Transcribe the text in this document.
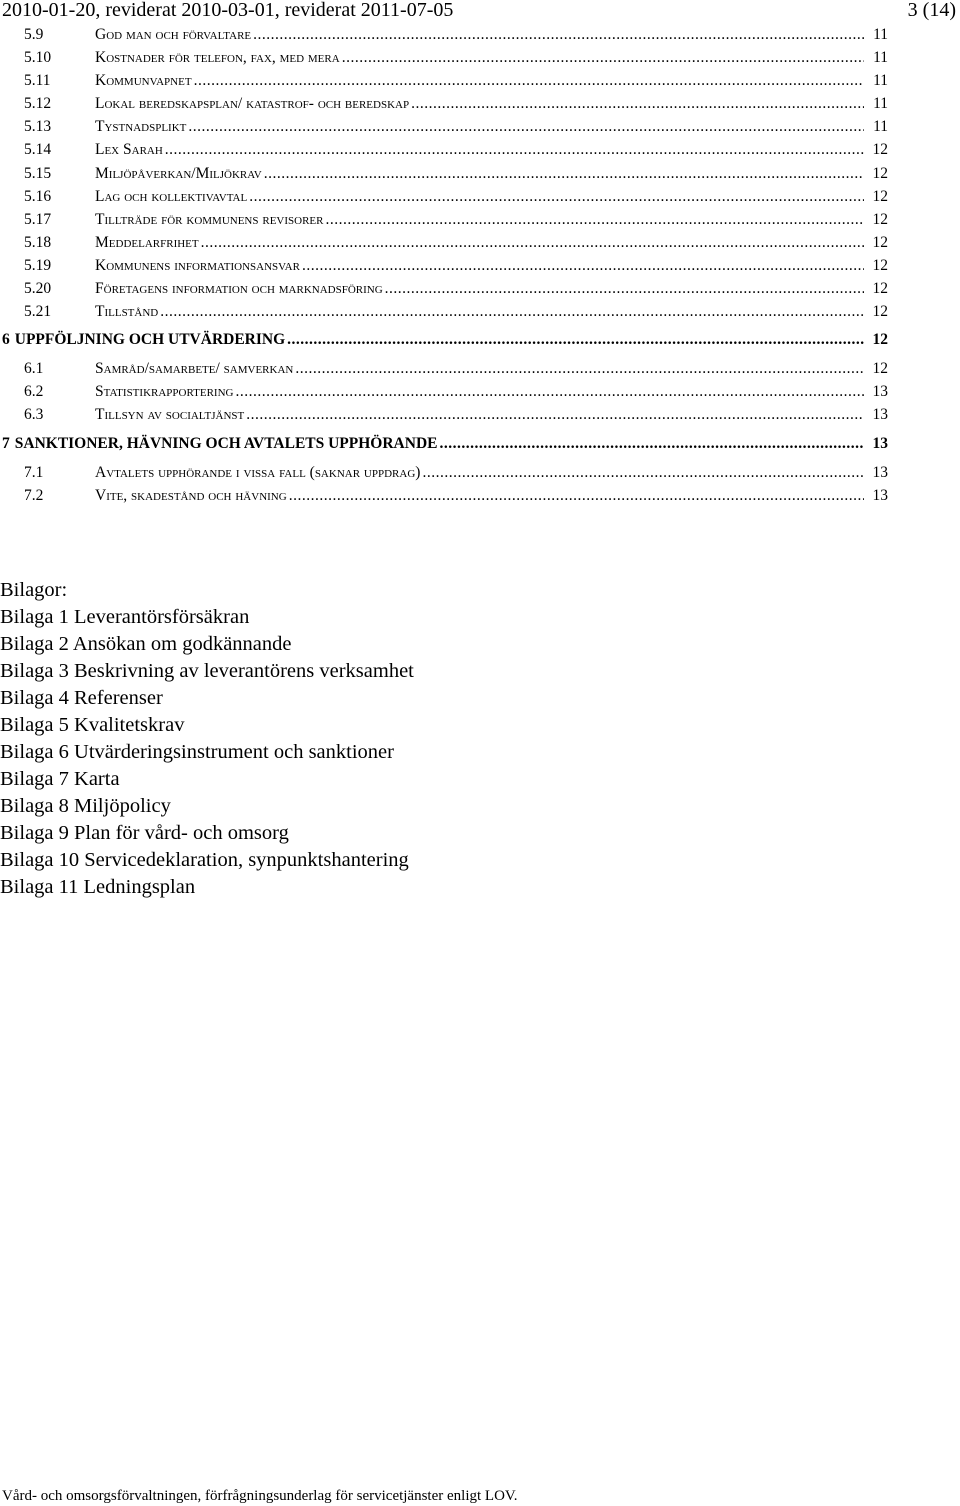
2010-01-20, reviderat 2010-03-01, reviderat 2011-07-05	3 (14)
5.9	God man och förvaltare .....	11
5.10	Kostnader för telefon, fax, med mera .....	11
5.11	Kommunvapnet .....	11
5.12	Lokal beredskapsplan/ katastrof- och beredskap .....	11
5.13	Tystnadsplikt .....	11
5.14	Lex Sarah .....	12
5.15	Miljöpåverkan/Miljökrav .....	12
5.16	Lag och kollektivavtal .....	12
5.17	Tillträde för kommunens revisorer .....	12
5.18	Meddelarfrihet .....	12
5.19	Kommunens informationsansvar .....	12
5.20	Företagens information och marknadsföring .....	12
5.21	Tillstånd .....	12
6 UPPFÖLJNING OCH UTVÄRDERING .....	12
6.1	Samråd/samarbete/ samverkan .....	12
6.2	Statistikrapportering .....	13
6.3	Tillsyn av socialtjänst .....	13
7 SANKTIONER, HÄVNING OCH AVTALETS UPPHÖRANDE .....	13
7.1	Avtalets upphörande i vissa fall (saknar uppdrag) .....	13
7.2	Vite, skadestånd och hävning .....	13
Bilagor:
Bilaga 1 Leverantörsförsäkran
Bilaga 2 Ansökan om godkännande
Bilaga 3 Beskrivning av leverantörens verksamhet
Bilaga 4 Referenser
Bilaga 5 Kvalitetskrav
Bilaga 6 Utvärderingsinstrument och sanktioner
Bilaga 7 Karta
Bilaga 8 Miljöpolicy
Bilaga 9 Plan för vård- och omsorg
Bilaga 10 Servicedeklaration, synpunktshantering
Bilaga 11 Ledningsplan
Vård- och omsorgsförvaltningen, förfrågningsunderlag för servicetjänster enligt LOV.
